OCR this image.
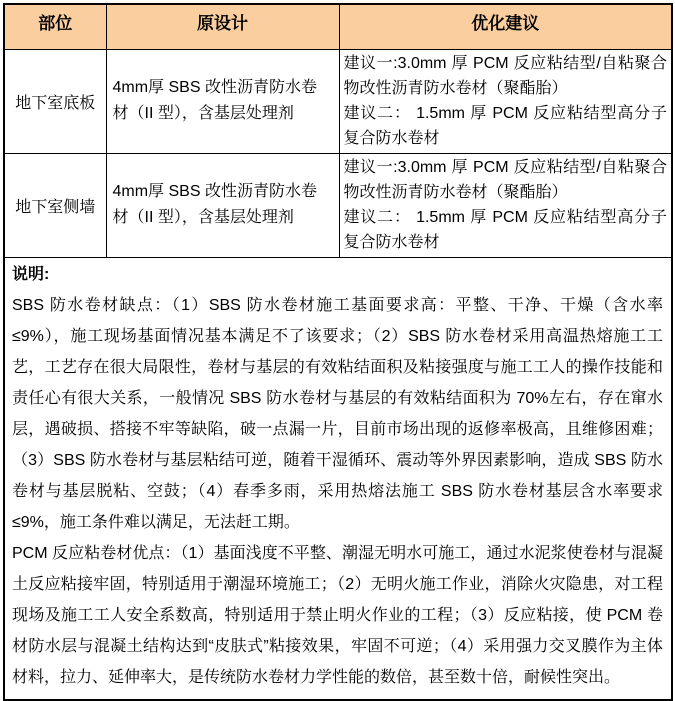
部位	原设计	优化建议
地下室底板	4mm厚 SBS 改性沥青防水卷材（II 型），含基层处理剂	建议一:3.0mm 厚 PCM 反应粘结型/自粘聚合物改性沥青防水卷材（聚酯胎）

建议二： 1.5mm 厚 PCM 反应粘结型高分子复合防水卷材

地下室侧墙	4mm厚 SBS 改性沥青防水卷材（II 型），含基层处理剂	建议一:3.0mm 厚 PCM 反应粘结型/自粘聚合物改性沥青防水卷材（聚酯胎）

建议二： 1.5mm 厚 PCM 反应粘结型高分子复合防水卷材

说明:

SBS 防水卷材缺点：（1）SBS 防水卷材施工基面要求高：平整、干净、干燥（含水率≤9%），施工现场基面情况基本满足不了该要求；（2）SBS 防水卷材采用高温热熔施工工艺，工艺存在很大局限性，卷材与基层的有效粘结面积及粘接强度与施工工人的操作技能和责任心有很大关系，一般情况 SBS 防水卷材与基层的有效粘结面积为 70%左右，存在窜水层，遇破损、搭接不牢等缺陷，破一点漏一片，目前市场出现的返修率极高，且维修困难；（3）SBS 防水卷材与基层粘结可逆，随着干湿循环、震动等外界因素影响，造成 SBS 防水卷材与基层脱粘、空鼓；（4）春季多雨，采用热熔法施工 SBS 防水卷材基层含水率要求≤9%，施工条件难以满足，无法赶工期。

PCM 反应粘卷材优点：（1）基面浅度不平整、潮湿无明水可施工，通过水泥浆使卷材与混凝土反应粘接牢固，特别适用于潮湿环境施工；（2）无明火施工作业，消除火灾隐患，对工程现场及施工工人安全系数高，特别适用于禁止明火作业的工程；（3）反应粘接，使 PCM 卷材防水层与混凝土结构达到“皮肤式”粘接效果，牢固不可逆；（4）采用强力交叉膜作为主体材料，拉力、延伸率大，是传统防水卷材力学性能的数倍，甚至数十倍，耐候性突出。		
